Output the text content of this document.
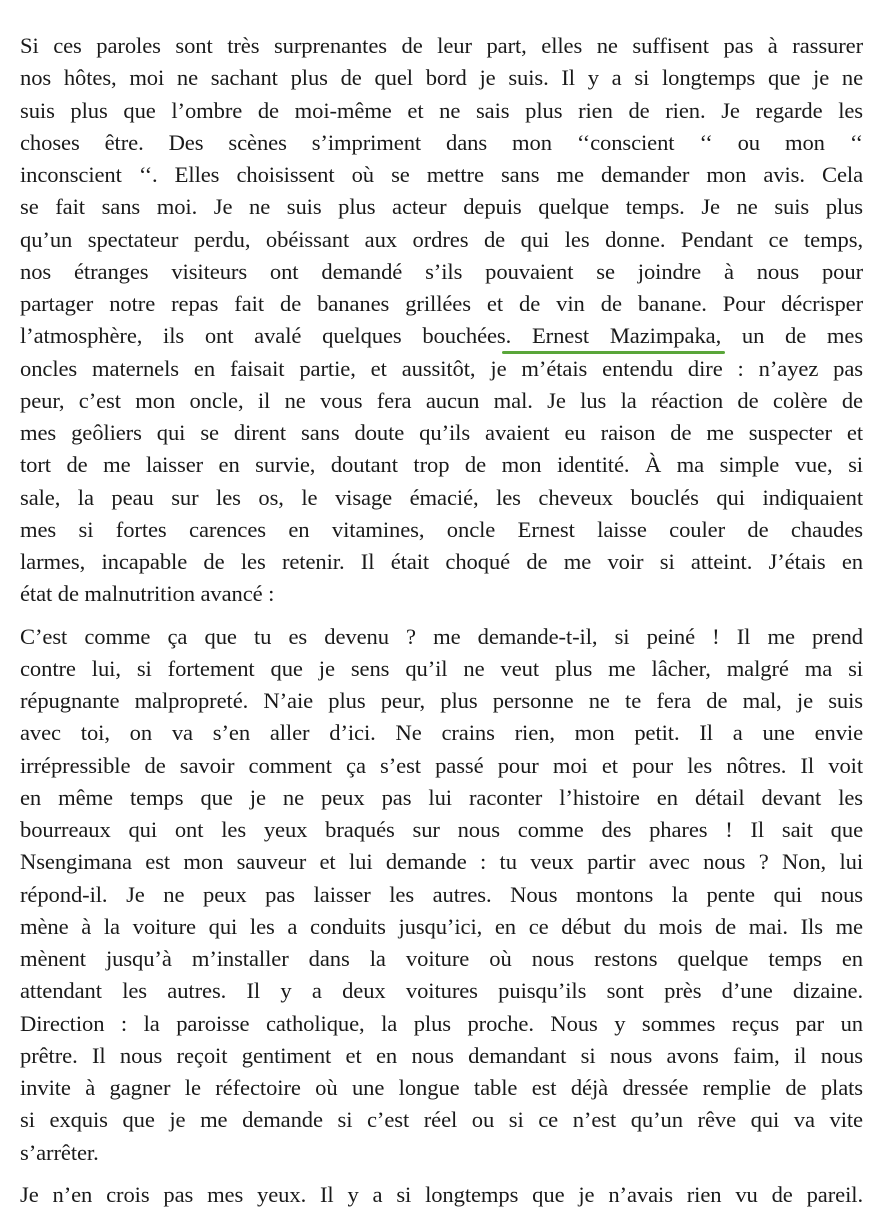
Si ces paroles sont très surprenantes de leur part, elles ne suffisent pas à rassurer
nos hôtes, moi ne sachant plus de quel bord je suis. Il y a si longtemps que je ne
suis plus que l’ombre de moi-même et ne sais plus rien de rien. Je regarde les
choses être. Des scènes s’impriment dans mon ‘‘conscient ‘‘ ou mon ‘‘
inconscient ‘‘. Elles choisissent où se mettre sans me demander mon avis. Cela
se fait sans moi. Je ne suis plus acteur depuis quelque temps. Je ne suis plus
qu’un spectateur perdu, obéissant aux ordres de qui les donne. Pendant ce temps,
nos étranges visiteurs ont demandé s’ils pouvaient se joindre à nous pour
partager notre repas fait de bananes grillées et de vin de banane. Pour décrisper
l’atmosphère, ils ont avalé quelques bouchées. Ernest Mazimpaka,
un de mes
oncles maternels en faisait partie, et aussitôt, je m’étais entendu dire : n’ayez pas
peur, c’est mon oncle, il ne vous fera aucun mal. Je lus la réaction de colère de
mes geôliers qui se dirent sans doute qu’ils avaient eu raison de me suspecter et
tort de me laisser en survie, doutant trop de mon identité. À ma simple vue, si
sale, la peau sur les os, le visage émacié, les cheveux bouclés qui indiquaient
mes si fortes carences en vitamines, oncle Ernest laisse couler de chaudes
larmes, incapable de les retenir. Il était choqué de me voir si atteint. J’étais en
état de malnutrition avancé :
C’est comme ça que tu es devenu ? me demande-t-il, si peiné ! Il me prend
contre lui, si fortement que je sens qu’il ne veut plus me lâcher, malgré ma si
répugnante malpropreté. N’aie plus peur, plus personne ne te fera de mal, je suis
avec toi, on va s’en aller d’ici. Ne crains rien, mon petit. Il a une envie
irrépressible de savoir comment ça s’est passé pour moi et pour les nôtres. Il voit
en même temps que je ne peux pas lui raconter l’histoire en détail devant les
bourreaux qui ont les yeux braqués sur nous comme des phares ! Il sait que
Nsengimana est mon sauveur et lui demande : tu veux partir avec nous ? Non, lui
répond-il. Je ne peux pas laisser les autres. Nous montons la pente qui nous
mène à la voiture qui les a conduits jusqu’ici, en ce début du mois de mai. Ils me
mènent jusqu’à m’installer dans la voiture où nous restons quelque temps en
attendant les autres. Il y a deux voitures puisqu’ils sont près d’une dizaine.
Direction : la paroisse catholique, la plus proche. Nous y sommes reçus par un
prêtre. Il nous reçoit gentiment et en nous demandant si nous avons faim, il nous
invite à gagner le réfectoire où une longue table est déjà dressée remplie de plats
si exquis que je me demande si c’est réel ou si ce n’est qu’un rêve qui va vite
s’arrêter.
Je n’en crois pas mes yeux. Il y a si longtemps que je n’avais rien vu de pareil.
